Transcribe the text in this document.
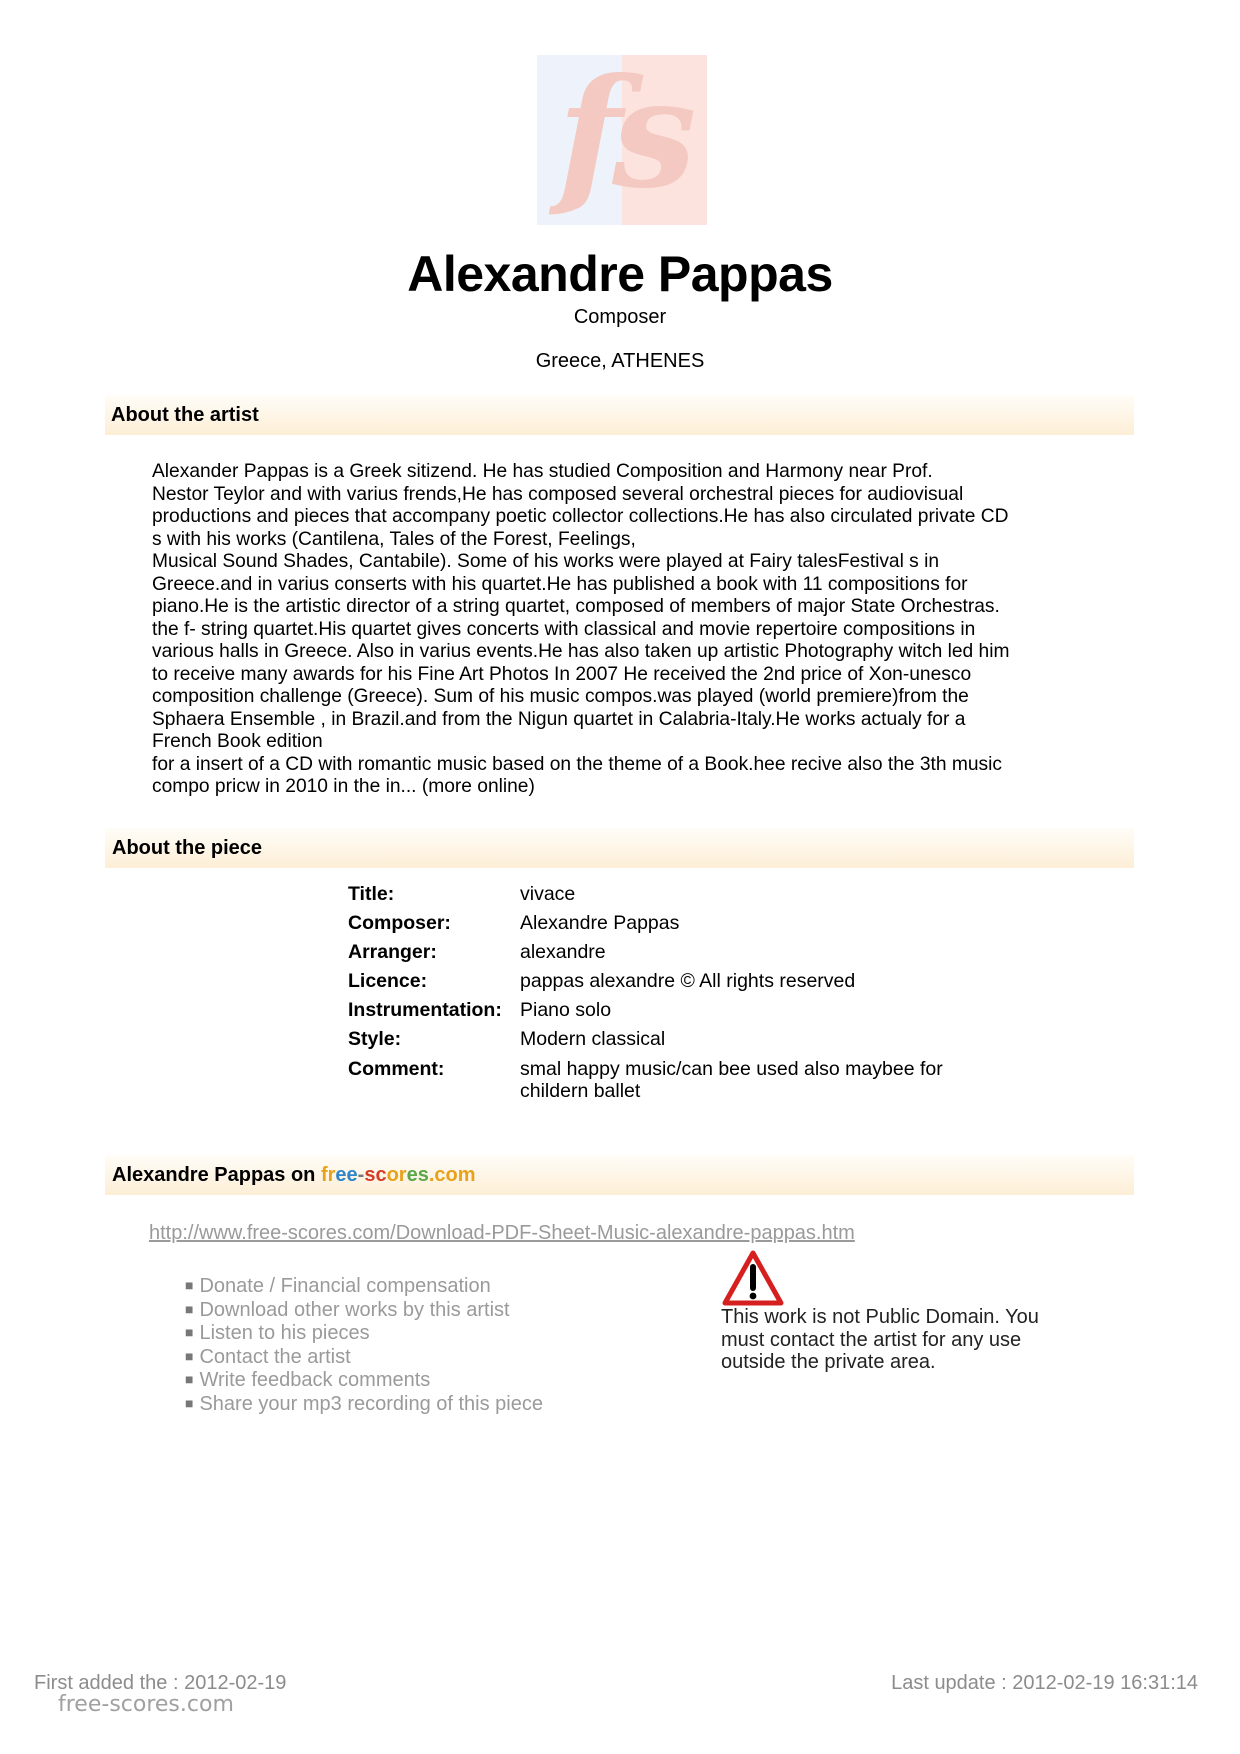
fs
Alexandre Pappas
Composer
Greece, ATHENES
About the artist

Alexander Pappas is a Greek sitizend. He has studied Composition and Harmony near Prof.

Nestor Teylor and with varius frends,He has composed several orchestral pieces for audiovisual

productions and pieces that accompany poetic collector collections.He has also circulated private CD

s with his works (Cantilena, Tales of the Forest, Feelings,

Musical Sound Shades, Cantabile). Some of his works were played at Fairy talesFestival s in

Greece.and in varius conserts with his quartet.He has published a book with 11 compositions for

piano.He is the artistic director of a string quartet, composed of members of major State Orchestras.

the f- string quartet.His quartet gives concerts with classical and movie repertoire compositions in

various halls in Greece. Also in varius events.He has also taken up artistic Photography witch led him

to receive many awards for his Fine Art Photos In 2007 He received the 2nd price of Xon-unesco

composition challenge (Greece). Sum of his music compos.was played (world premiere)from the

Sphaera Ensemble , in Brazil.and from the Nigun quartet in Calabria-Italy.He works actualy for a

French Book edition

for a insert of a CD with romantic music based on the theme of a Book.hee recive also the 3th music

compo pricw in 2010 in the in... (more online)

About the piece
Title:	vivace
Composer:	Alexandre Pappas
Arranger:	alexandre
Licence:	pappas alexandre © All rights reserved
Instrumentation: Piano solo
Style:	Modern classical
Comment:	smal happy music/can bee used also maybee for
childern ballet
Alexandre Pappas on free-scores.com
http://www.free-scores.com/Download-PDF-Sheet-Music-alexandre-pappas.htm
■ Donate / Financial compensation
■ Download other works by this artist
■ Listen to his pieces
■ Contact the artist
■ Write feedback comments
■ Share your mp3 recording of this piece
This work is not Public Domain. You
must contact the artist for any use
outside the private area.
First added the : 2012-02-19
free-scores.com
Last update : 2012-02-19 16:31:14
